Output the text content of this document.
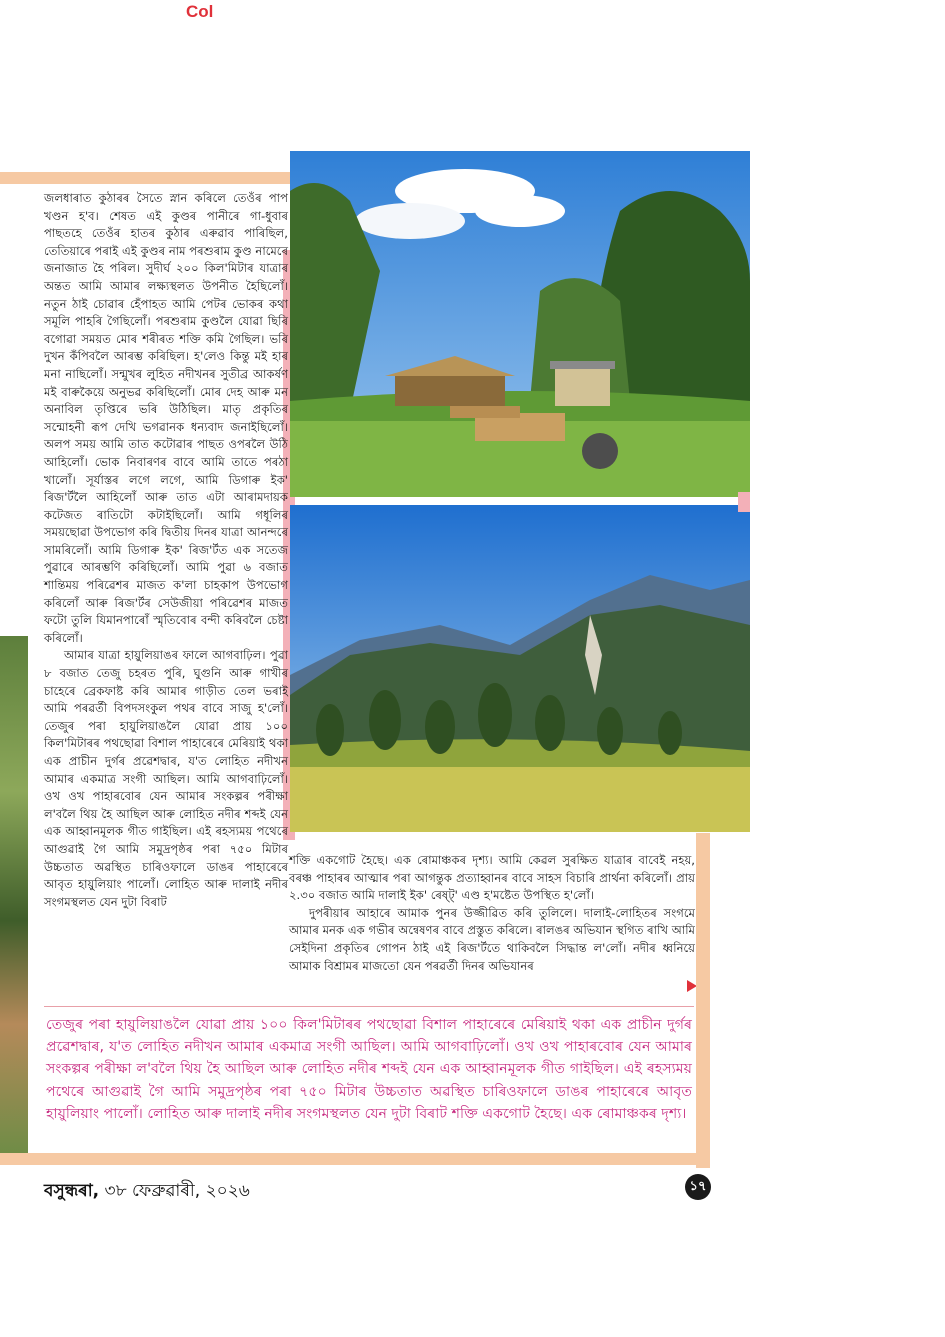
Col

জলধাৰাত কুঠাৰৰ সৈতে স্নান কৰিলে তেওঁৰ পাপ খণ্ডন হ'ব। শেষত এই কুণ্ডৰ পানীৰে গা-ধুবাৰ পাছতহে তেওঁৰ হাতৰ কুঠাৰ এৰুৱাব পাৰিছিল, তেতিয়াৰে পৰাই এই কুণ্ডৰ নাম পৰশুৰাম কুণ্ড নামেৰে জনাজাত হৈ পৰিল। সুদীৰ্ঘ ২০০ কিল'মিটাৰ যাত্ৰাৰ অন্তত আমি আমাৰ লক্ষ্যস্থলত উপনীত হৈছিলোঁ। নতুন ঠাই চোৱাৰ হেঁপাহত আমি পেটৰ ভোকৰ কথা সমূলি পাহৰি গৈছিলোঁ। পৰশুৰাম কুণ্ডলৈ যোৱা ছিৰি বগোৱা সময়ত মোৰ শৰীৰত শক্তি কমি গৈছিল। ভৰি দুখন কঁপিবলৈ আৰম্ভ কৰিছিল। হ'লেও কিন্তু মই হাৰ মনা নাছিলোঁ। সন্মুখৰ লুহিত নদীখনৰ সুতীব্ৰ আকৰ্ষণ মই বাৰুকৈয়ে অনুভৱ কৰিছিলোঁ। মোৰ দেহ আৰু মন অনাবিল তৃপ্তিৰে ভৰি উঠিছিল। মাতৃ প্ৰকৃতিৰ সন্মোহনী ৰূপ দেখি ভগৱানক ধন্যবাদ জনাইছিলোঁ। অলপ সময় আমি তাত কটোৱাৰ পাছত ওপৰলৈ উঠি আহিলোঁ। ভোক নিবাৰণৰ বাবে আমি তাতে পৰঠা খালোঁ। সূৰ্যাস্তৰ লগে লগে, আমি ডিগাৰু ইক' ৰিজ'ৰ্টলৈ আহিলোঁ আৰু তাত এটা আৰামদায়ক কটেজত ৰাতিটো কটাইছিলোঁ। আমি গধূলিৰ সময়ছোৱা উপভোগ কৰি দ্বিতীয় দিনৰ যাত্ৰা আনন্দৰে সামৰিলোঁ। আমি ডিগাৰু ইক' ৰিজ'ৰ্টত এক সতেজ পুৱাৰে আৰম্ভণি কৰিছিলোঁ। আমি পুৱা ৬ বজাত শান্তিময় পৰিৱেশৰ মাজত ক'লা চাহকাপ উপভোগ কৰিলোঁ আৰু ৰিজ'ৰ্টৰ সেউজীয়া পৰিৱেশৰ মাজত ফটো তুলি যিমানপাৰোঁ স্মৃতিবোৰ বন্দী কৰিবলৈ চেষ্টা কৰিলোঁ।

আমাৰ যাত্ৰা হায়ুলিয়াঙৰ ফালে আগবাঢ়িল। পুৱা ৮ বজাত তেজু চহৰত পুৰি, ঘুগুনি আৰু গাখীৰ চাহেৰে ব্ৰেকফাষ্ট কৰি আমাৰ গাড়ীত তেল ভৰাই আমি পৰৱৰ্তী বিপদসংকুল পথৰ বাবে সাজু হ'লোঁ। তেজুৰ পৰা হায়ুলিয়াঙলৈ যোৱা প্ৰায় ১০০ কিল'মিটাৰৰ পথছোৱা বিশাল পাহাৰেৰে মেৰিয়াই থকা এক প্ৰাচীন দুৰ্গৰ প্ৰৱেশদ্বাৰ, য'ত লোহিত নদীখন আমাৰ একমাত্ৰ সংগী আছিল। আমি আগবাঢ়িলোঁ। ওখ ওখ পাহাৰবোৰ যেন আমাৰ সংকল্পৰ পৰীক্ষা ল'বলৈ থিয় হৈ আছিল আৰু লোহিত নদীৰ শব্দই যেন এক আহ্বানমূলক গীত গাইছিল। এই ৰহস্যময় পথেৰে আগুৱাই গৈ আমি সমুদ্ৰপৃষ্ঠৰ পৰা ৭৫০ মিটাৰ উচ্চতাত অৱস্থিত চাৰিওফালে ডাঙৰ পাহাৰেৰে আবৃত হায়ুলিয়াং পালোঁ। লোহিত আৰু দালাই নদীৰ সংগমস্থলত যেন দুটা বিৰাট

শক্তি একগোট হৈছে। এক ৰোমাঞ্চকৰ দৃশ্য। আমি কেৱল সুৰক্ষিত যাত্ৰাৰ বাবেই নহয়, বৰঞ্চ পাহাৰৰ আত্মাৰ পৰা আগন্তুক প্ৰত্যাহ্বানৰ বাবে সাহস বিচাৰি প্ৰাৰ্থনা কৰিলোঁ। প্ৰায় ২.৩০ বজাত আমি দালাই ইক' ৰেষ্ট্' এণ্ড হ'মষ্টেত উপস্থিত হ'লোঁ।

দুপৰীয়াৰ আহাৰে আমাক পুনৰ উজ্জীৱিত কৰি তুলিলে। দালাই-লোহিতৰ সংগমে আমাৰ মনক এক গভীৰ অন্বেষণৰ বাবে প্ৰস্তুত কৰিলে। ৰালঙৰ অভিযান স্থগিত ৰাখি আমি সেইদিনা প্ৰকৃতিৰ গোপন ঠাই এই ৰিজ'ৰ্টতে থাকিবলৈ সিদ্ধান্ত ল'লোঁ। নদীৰ ধ্বনিয়ে আমাক বিশ্ৰামৰ মাজতো যেন পৰৱৰ্তী দিনৰ অভিযানৰ

তেজুৰ পৰা হায়ুলিয়াঙলৈ যোৱা প্ৰায় ১০০ কিল'মিটাৰৰ পথছোৱা বিশাল পাহাৰেৰে মেৰিয়াই থকা এক প্ৰাচীন দুৰ্গৰ প্ৰৱেশদ্বাৰ, য'ত লোহিত নদীখন আমাৰ একমাত্ৰ সংগী আছিল। আমি আগবাঢ়িলোঁ। ওখ ওখ পাহাৰবোৰ যেন আমাৰ সংকল্পৰ পৰীক্ষা ল'বলৈ থিয় হৈ আছিল আৰু লোহিত নদীৰ শব্দই যেন এক আহ্বানমূলক গীত গাইছিল। এই ৰহস্যময় পথেৰে আগুৱাই গৈ আমি সমুদ্ৰপৃষ্ঠৰ পৰা ৭৫০ মিটাৰ উচ্চতাত অৱস্থিত চাৰিওফালে ডাঙৰ পাহাৰেৰে আবৃত হায়ুলিয়াং পালোঁ। লোহিত আৰু দালাই নদীৰ সংগমস্থলত যেন দুটা বিৰাট শক্তি একগোট হৈছে। এক ৰোমাঞ্চকৰ দৃশ্য।
বসুন্ধৰা, ৩৮ ফেব্ৰুৱাৰী, ২০২৬	১৭
